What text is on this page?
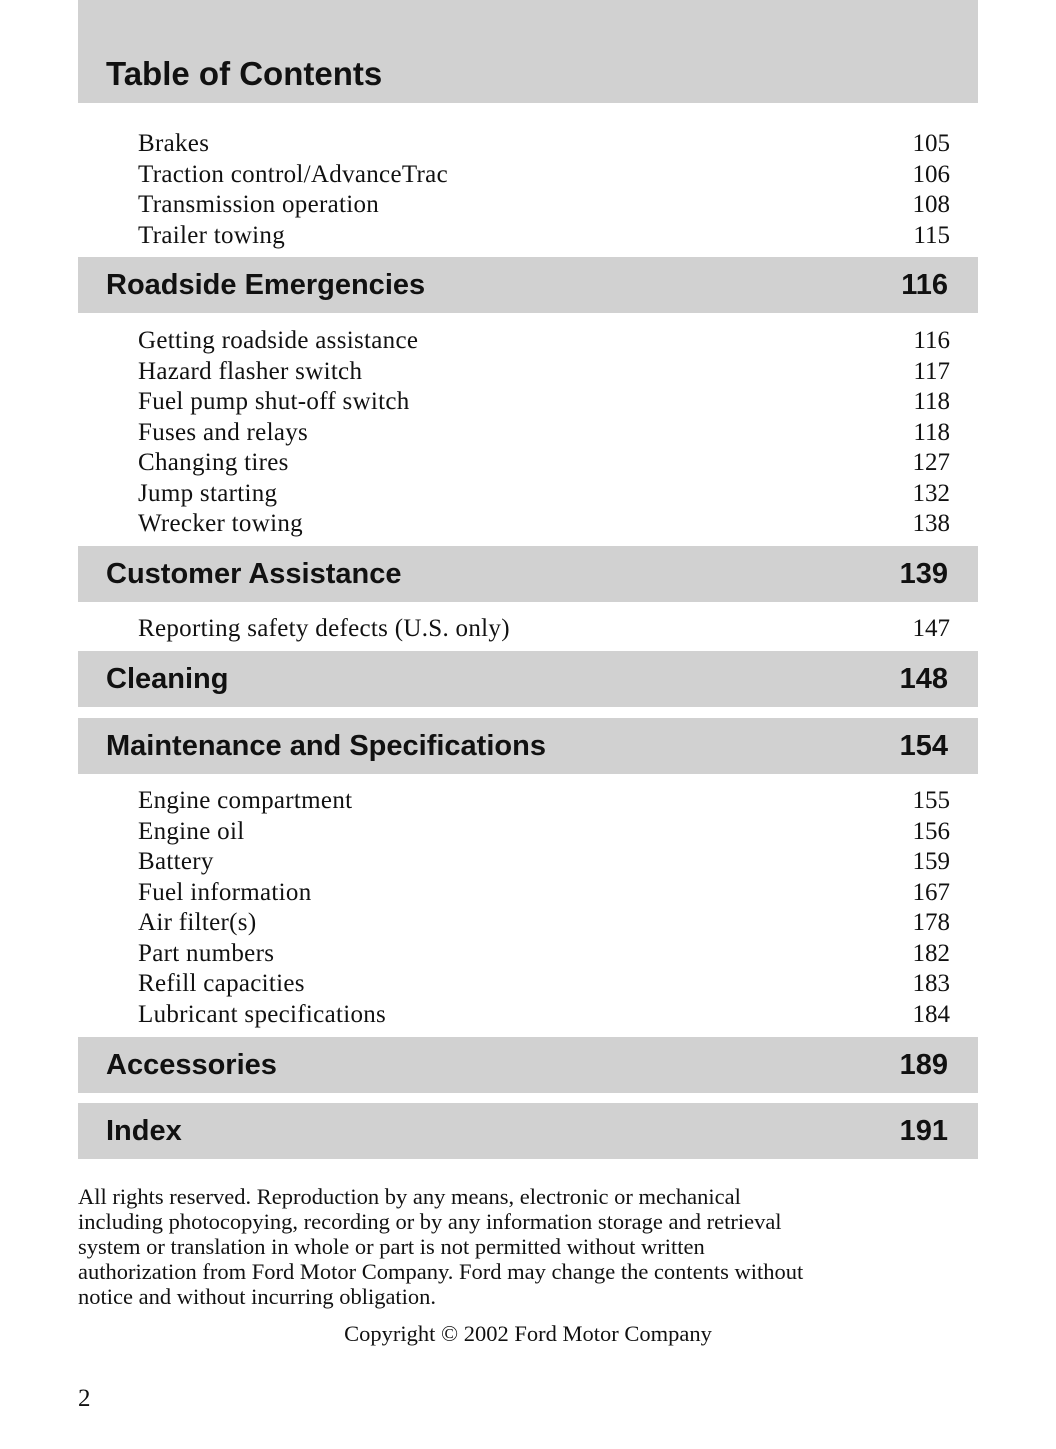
Table of Contents
Brakes	105
Traction control/AdvanceTrac	106
Transmission operation	108
Trailer towing	115
Roadside Emergencies	116
Getting roadside assistance	116
Hazard flasher switch	117
Fuel pump shut-off switch	118
Fuses and relays	118
Changing tires	127
Jump starting	132
Wrecker towing	138
Customer Assistance	139
Reporting safety defects (U.S. only)	147
Cleaning	148
Maintenance and Specifications	154
Engine compartment	155
Engine oil	156
Battery	159
Fuel information	167
Air filter(s)	178
Part numbers	182
Refill capacities	183
Lubricant specifications	184
Accessories	189
Index	191
All rights reserved. Reproduction by any means, electronic or mechanical
including photocopying, recording or by any information storage and retrieval
system or translation in whole or part is not permitted without written
authorization from Ford Motor Company. Ford may change the contents without
notice and without incurring obligation.
Copyright © 2002 Ford Motor Company
2
